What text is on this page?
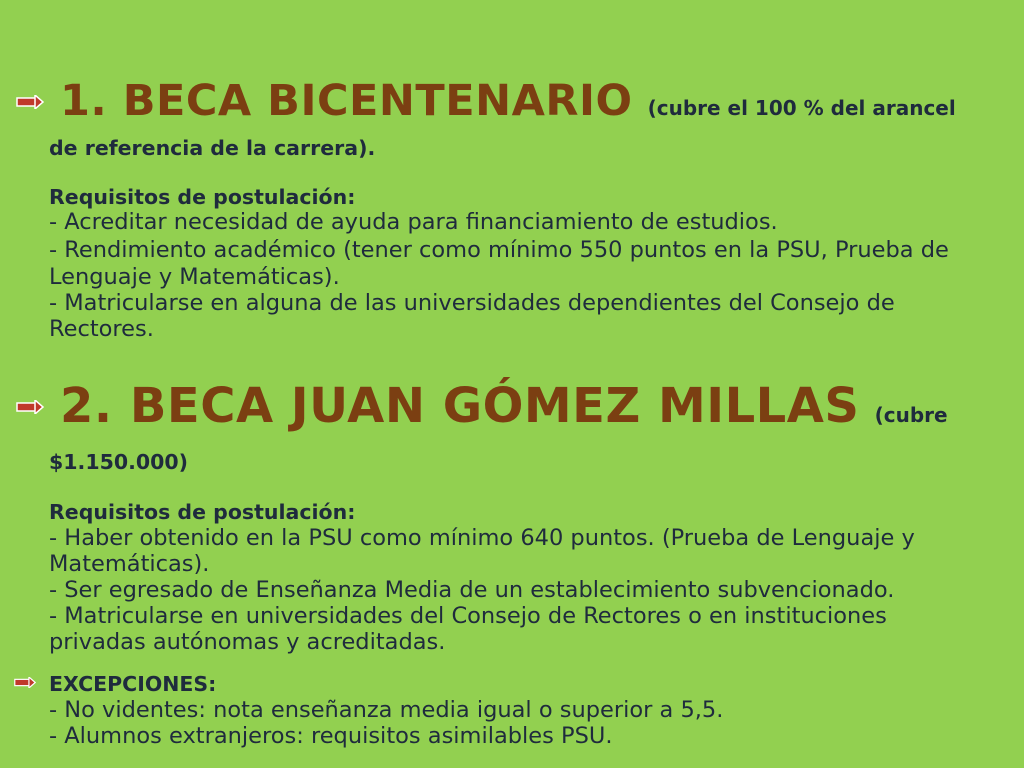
1. BECA BICENTENARIO (cubre el 100 % del arancel
de referencia de la carrera).
Requisitos de postulación:
- Acreditar necesidad de ayuda para financiamiento de estudios.
- Rendimiento académico (tener como mínimo 550 puntos en la PSU, Prueba de
Lenguaje y Matemáticas).
- Matricularse en alguna de las universidades dependientes del Consejo de
Rectores.
2. BECA JUAN GÓMEZ MILLAS (cubre
$1.150.000)
Requisitos de postulación:
- Haber obtenido en la PSU como mínimo 640 puntos. (Prueba de Lenguaje y
Matemáticas).
- Ser egresado de Enseñanza Media de un establecimiento subvencionado.
- Matricularse en universidades del Consejo de Rectores o en instituciones
privadas autónomas y acreditadas.
EXCEPCIONES:
- No videntes: nota enseñanza media igual o superior a 5,5.
- Alumnos extranjeros: requisitos asimilables PSU.
